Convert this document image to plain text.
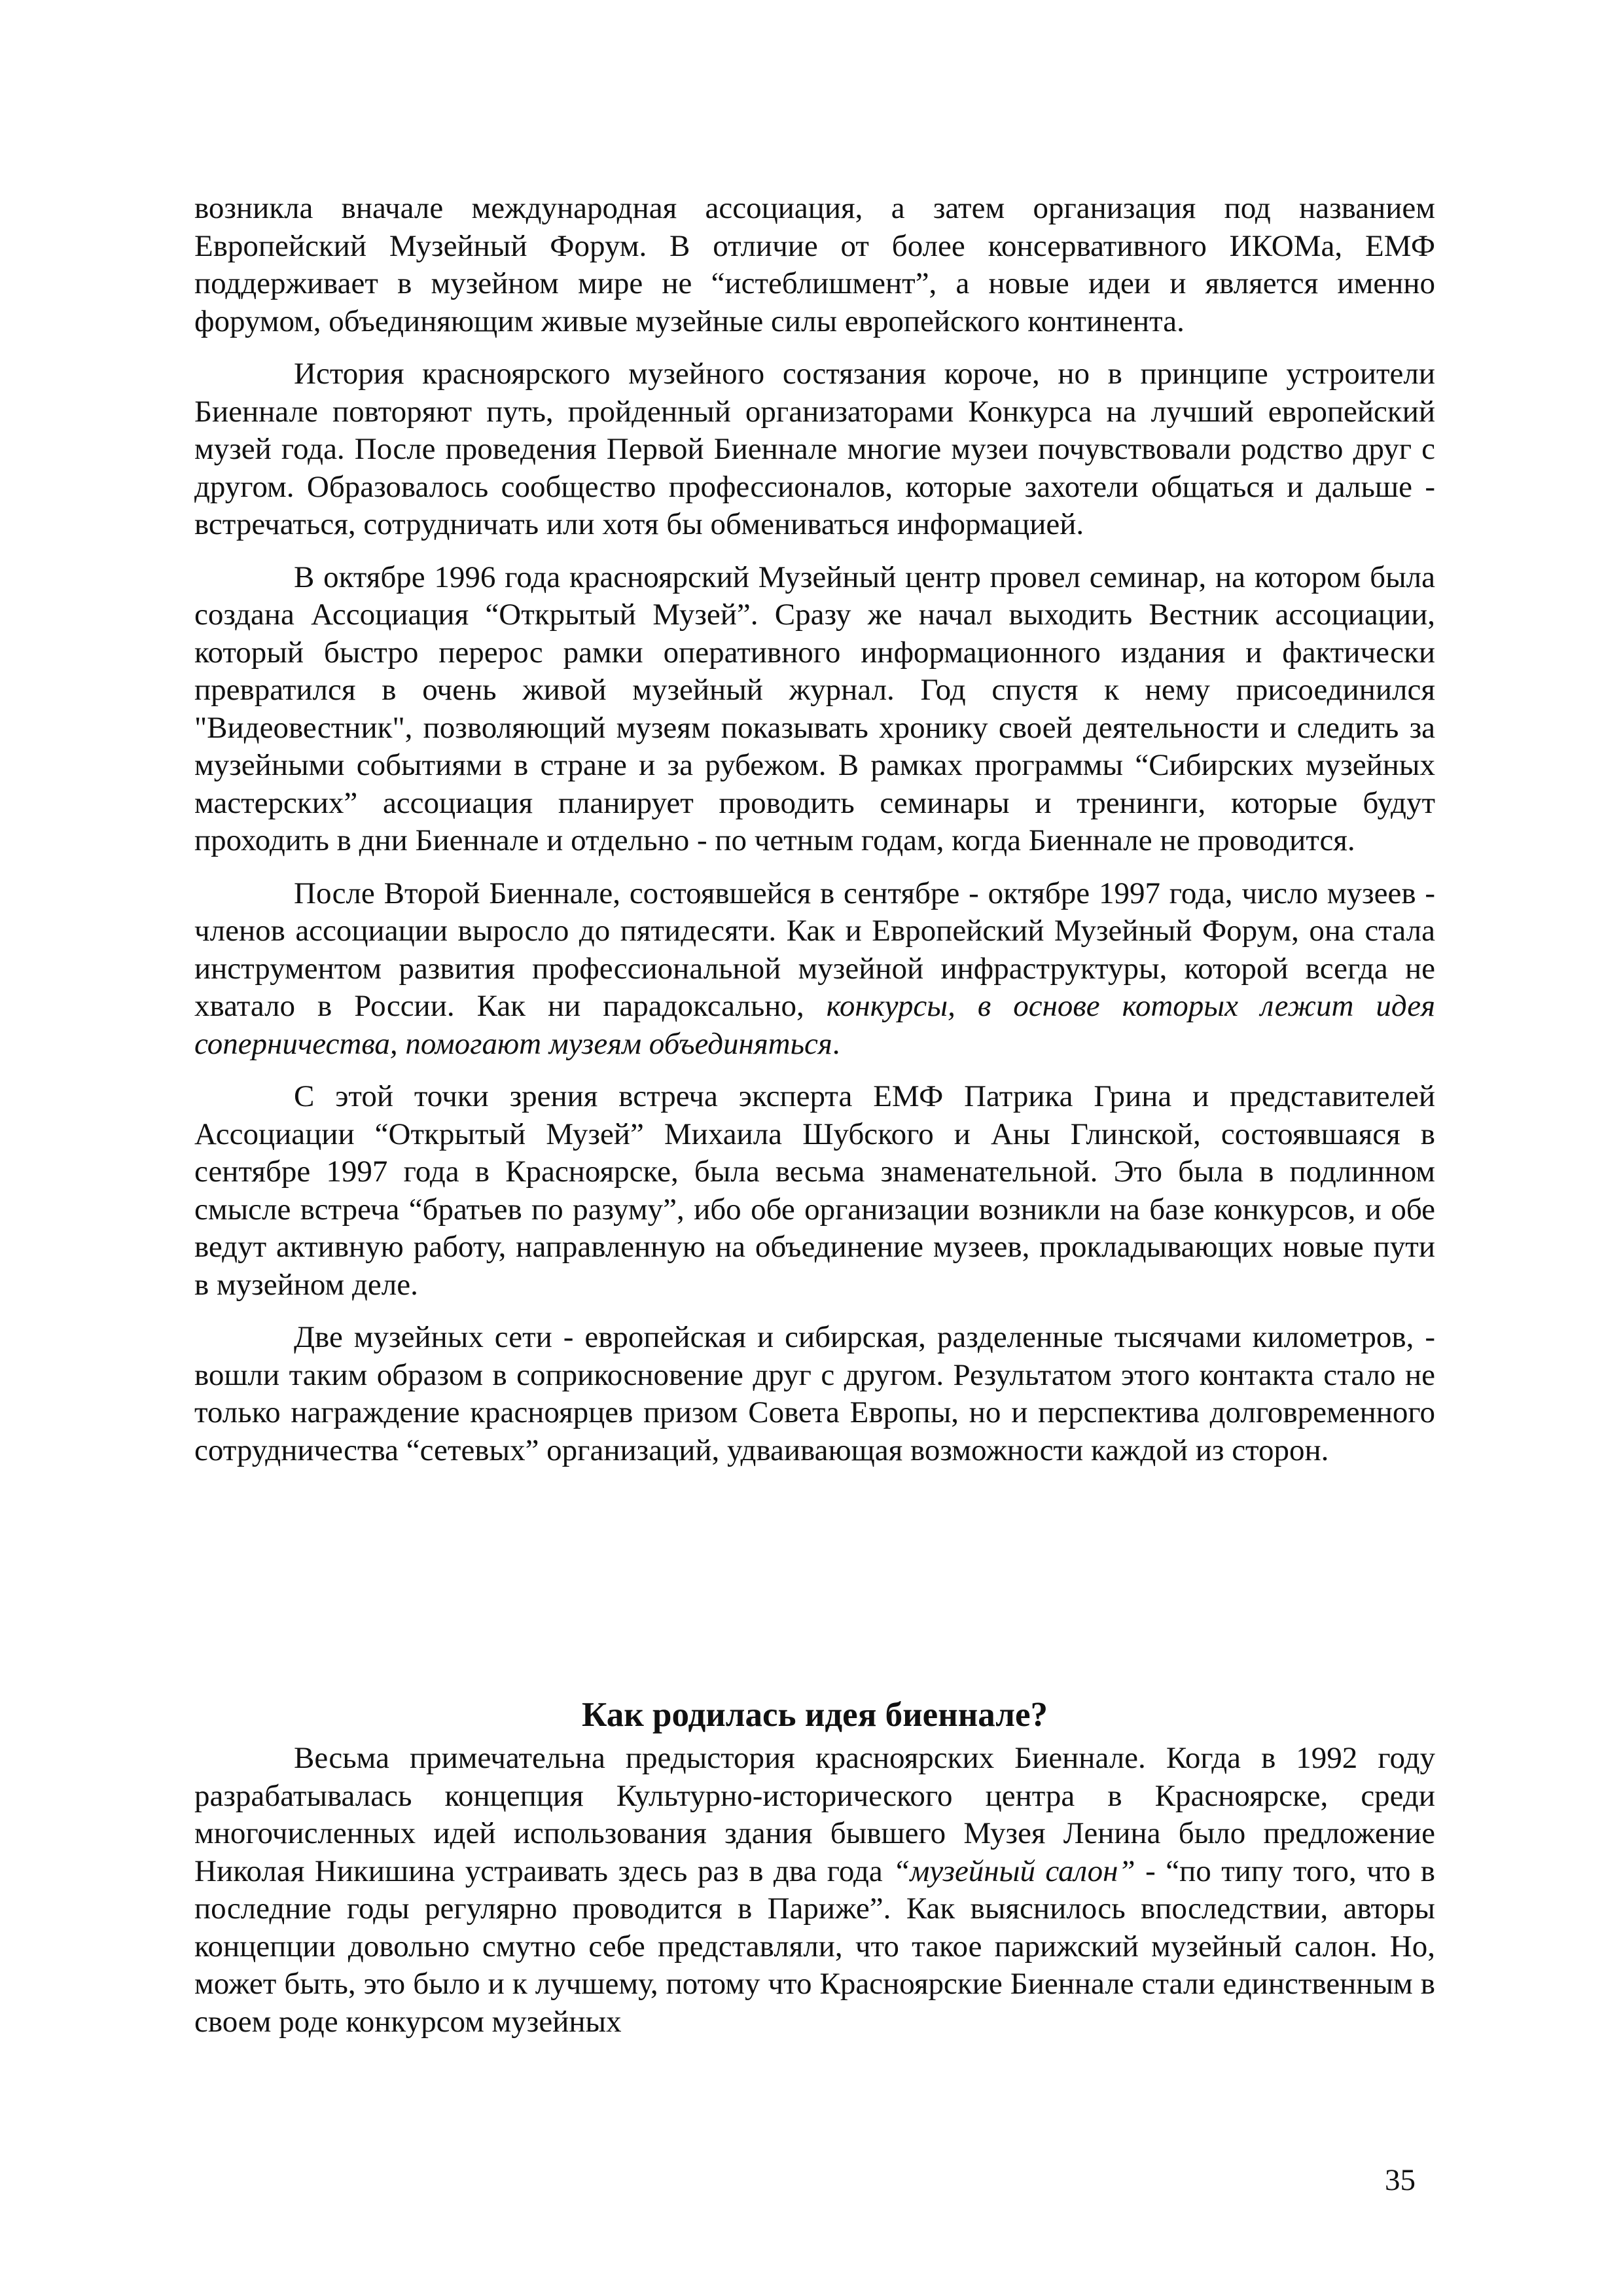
возникла вначале международная ассоциация, а затем организация под названием Европейский Музейный Форум. В отличие от более консервативного ИКОМа, ЕМФ поддерживает в музейном мире не “истеблишмент”, а новые идеи и является именно форумом, объединяющим живые музейные силы европейского континента.

История красноярского музейного состязания короче, но в принципе устроители Биеннале повторяют путь, пройденный организаторами Конкурса на лучший европейский музей года. После проведения Первой Биеннале многие музеи почувствовали родство друг с другом. Образовалось сообщество профессионалов, которые захотели общаться и дальше - встречаться, сотрудничать или хотя бы обмениваться информацией.

В октябре 1996 года красноярский Музейный центр провел семинар, на котором была создана Ассоциация “Открытый Музей”. Сразу же начал выходить Вестник ассоциации, который быстро перерос рамки оперативного информационного издания и фактически превратился в очень живой музейный журнал. Год спустя к нему присоединился "Видеовестник", позволяющий музеям показывать хронику своей деятельности и следить за музейными событиями в стране и за рубежом. В рамках программы “Сибирских музейных мастерских” ассоциация планирует проводить семинары и тренинги, которые будут проходить в дни Биеннале и отдельно - по четным годам, когда Биеннале не проводится.

После Второй Биеннале, состоявшейся в сентябре - октябре 1997 года, число музеев - членов ассоциации выросло до пятидесяти. Как и Европейский Музейный Форум, она стала инструментом развития профессиональной музейной инфраструктуры, которой всегда не хватало в России. Как ни парадоксально, конкурсы, в основе которых лежит идея соперничества, помогают музеям объединяться.

С этой точки зрения встреча эксперта ЕМФ Патрика Грина и представителей Ассоциации “Открытый Музей” Михаила Шубского и Аны Глинской, состоявшаяся в сентябре 1997 года в Красноярске, была весьма знаменательной. Это была в подлинном смысле встреча “братьев по разуму”, ибо обе организации возникли на базе конкурсов, и обе ведут активную работу, направленную на объединение музеев, прокладывающих новые пути в музейном деле.

Две музейных сети - европейская и сибирская, разделенные тысячами километров, - вошли таким образом в соприкосновение друг с другом. Результатом этого контакта стало не только награждение красноярцев призом Совета Европы, но и перспектива долговременного сотрудничества “сетевых” организаций, удваивающая возможности каждой из сторон.

Как родилась идея биеннале?

Весьма примечательна предыстория красноярских Биеннале. Когда в 1992 году разрабатывалась концепция Культурно-исторического центра в Красноярске, среди многочисленных идей использования здания бывшего Музея Ленина было предложение Николая Никишина устраивать здесь раз в два года “музейный салон” - “по типу того, что в последние годы регулярно проводится в Париже”. Как выяснилось впоследствии, авторы концепции довольно смутно себе представляли, что такое парижский музейный салон. Но, может быть, это было и к лучшему, потому что Красноярские Биеннале стали единственным в своем роде конкурсом музейных

35
